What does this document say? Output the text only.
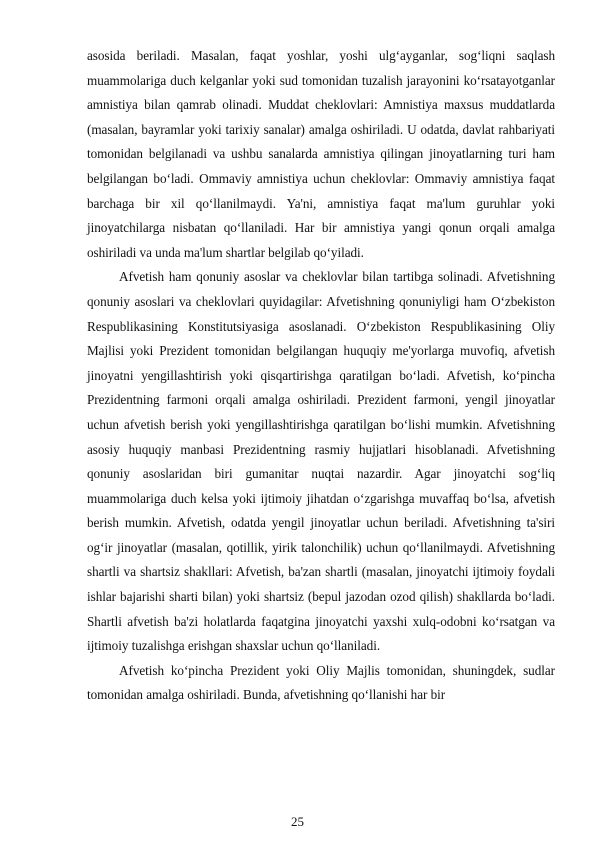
asosida beriladi. Masalan, faqat yoshlar, yoshi ulg‘ayganlar, sog‘liqni saqlash muammolariga duch kelganlar yoki sud tomonidan tuzalish jarayonini ko‘rsatayotganlar amnistiya bilan qamrab olinadi. Muddat cheklovlari: Amnistiya maxsus muddatlarda (masalan, bayramlar yoki tarixiy sanalar) amalga oshiriladi. U odatda, davlat rahbariyati tomonidan belgilanadi va ushbu sanalarda amnistiya qilingan jinoyatlarning turi ham belgilangan bo‘ladi. Ommaviy amnistiya uchun cheklovlar: Ommaviy amnistiya faqat barchaga bir xil qo‘llanilmaydi. Ya'ni, amnistiya faqat ma'lum guruhlar yoki jinoyatchilarga nisbatan qo‘llaniladi. Har bir amnistiya yangi qonun orqali amalga oshiriladi va unda ma'lum shartlar belgilab qo‘yiladi.

Afvetish ham qonuniy asoslar va cheklovlar bilan tartibga solinadi. Afvetishning qonuniy asoslari va cheklovlari quyidagilar: Afvetishning qonuniyligi ham O‘zbekiston Respublikasining Konstitutsiyasiga asoslanadi. O‘zbekiston Respublikasining Oliy Majlisi yoki Prezident tomonidan belgilangan huquqiy me'yorlarga muvofiq, afvetish jinoyatni yengillashtirish yoki qisqartirishga qaratilgan bo‘ladi. Afvetish, ko‘pincha Prezidentning farmoni orqali amalga oshiriladi. Prezident farmoni, yengil jinoyatlar uchun afvetish berish yoki yengillashtirishga qaratilgan bo‘lishi mumkin. Afvetishning asosiy huquqiy manbasi Prezidentning rasmiy hujjatlari hisoblanadi. Afvetishning qonuniy asoslaridan biri gumanitar nuqtai nazardir. Agar jinoyatchi sog‘liq muammolariga duch kelsa yoki ijtimoiy jihatdan o‘zgarishga muvaffaq bo‘lsa, afvetish berish mumkin. Afvetish, odatda yengil jinoyatlar uchun beriladi. Afvetishning ta'siri og‘ir jinoyatlar (masalan, qotillik, yirik talonchilik) uchun qo‘llanilmaydi. Afvetishning shartli va shartsiz shakllari: Afvetish, ba'zan shartli (masalan, jinoyatchi ijtimoiy foydali ishlar bajarishi sharti bilan) yoki shartsiz (bepul jazodan ozod qilish) shakllarda bo‘ladi. Shartli afvetish ba'zi holatlarda faqatgina jinoyatchi yaxshi xulq-odobni ko‘rsatgan va ijtimoiy tuzalishga erishgan shaxslar uchun qo‘llaniladi.

Afvetish ko‘pincha Prezident yoki Oliy Majlis tomonidan, shuningdek, sudlar tomonidan amalga oshiriladi. Bunda, afvetishning qo‘llanishi har bir

25
